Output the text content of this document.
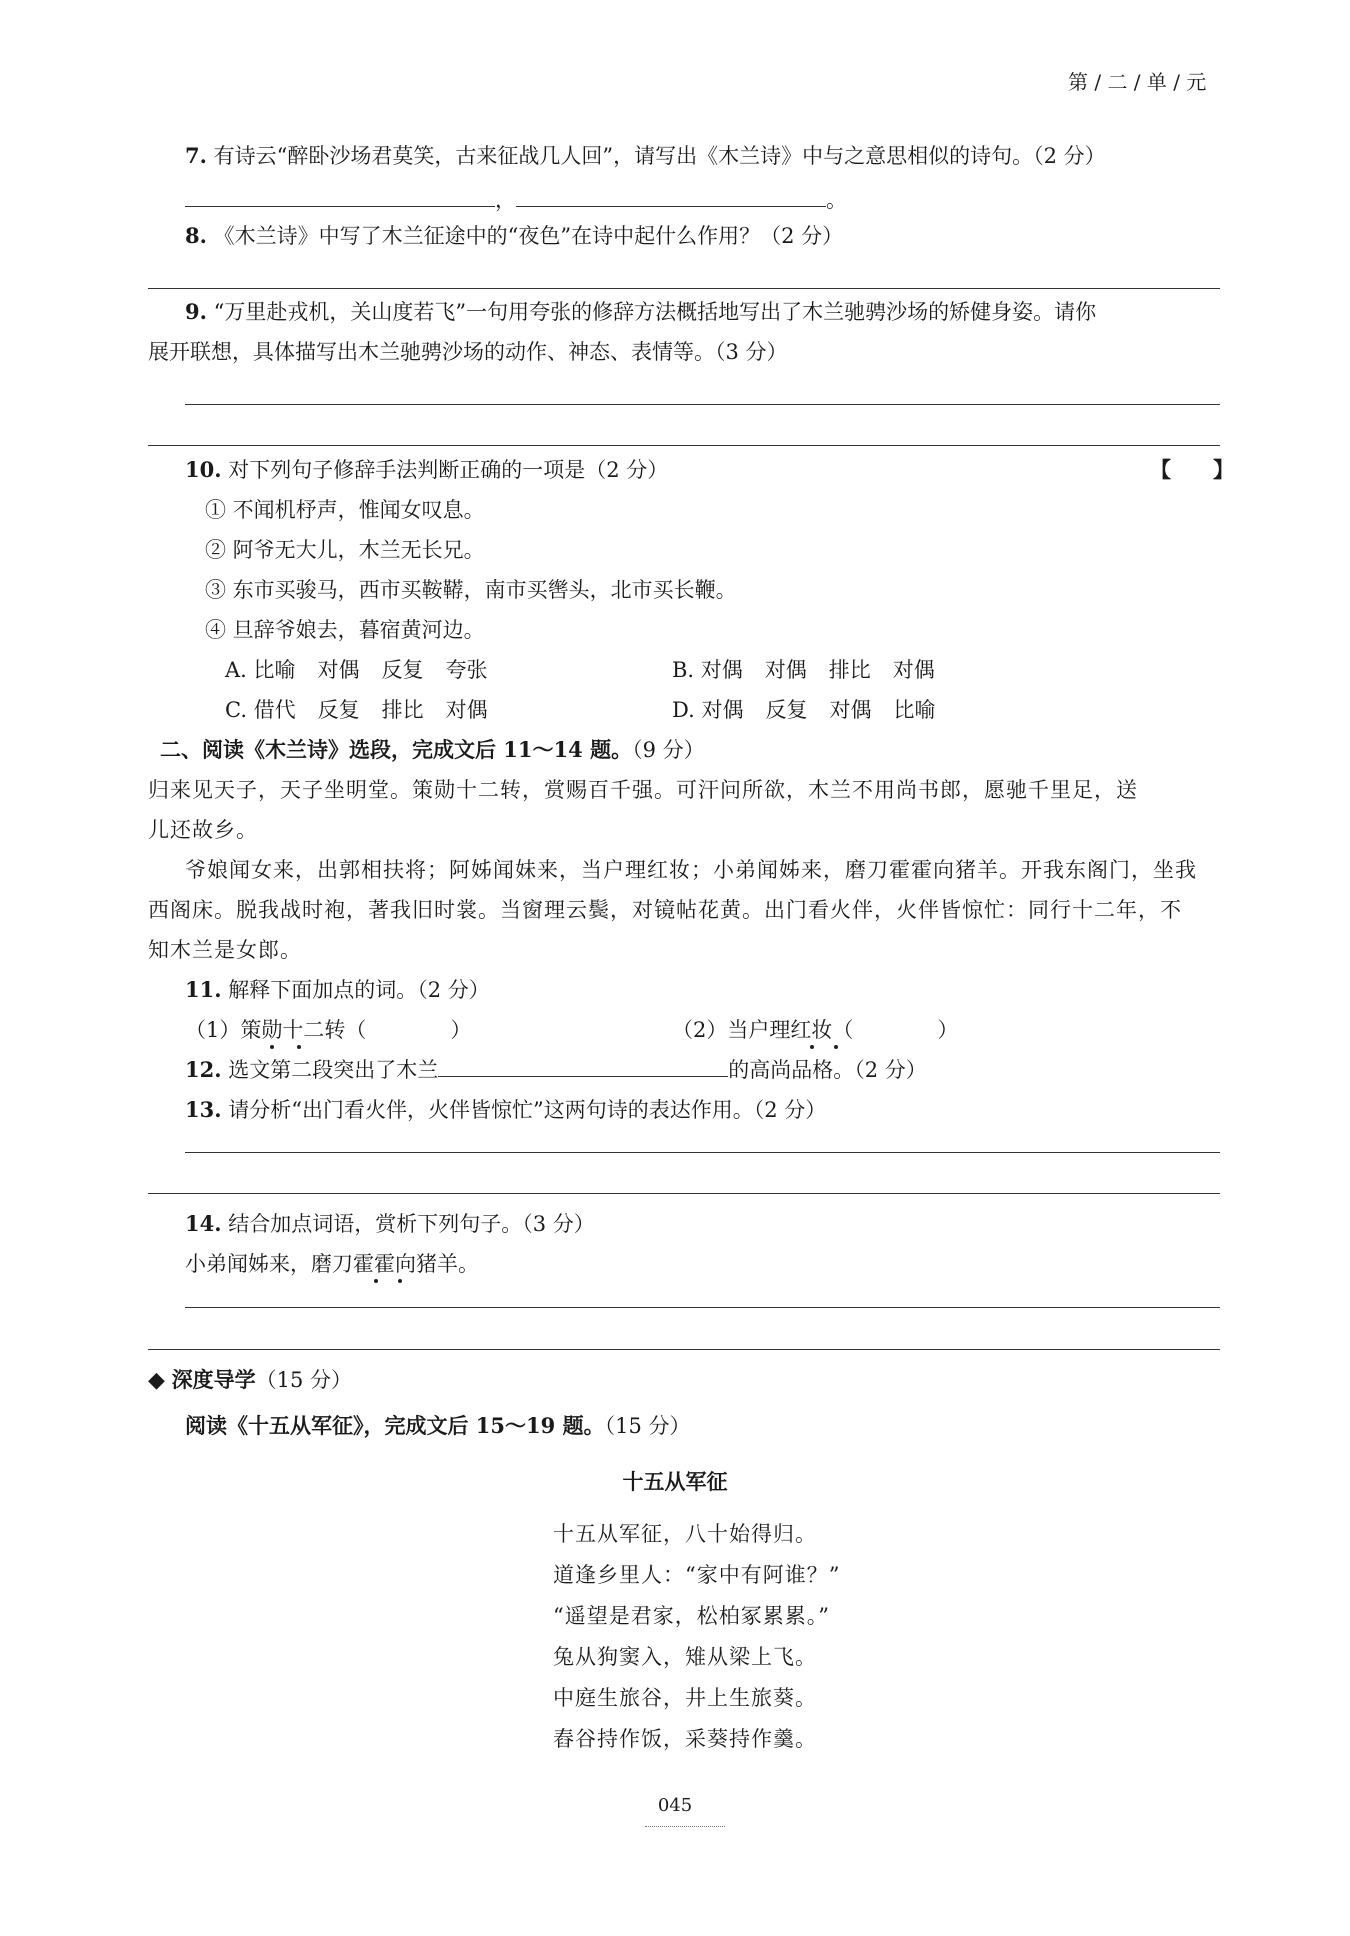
第 / 二 / 单 / 元
7. 有诗云“醉卧沙场君莫笑，古来征战几人回”，请写出《木兰诗》中与之意思相似的诗句。（2 分）
，	。
8. 《木兰诗》中写了木兰征途中的“夜色”在诗中起什么作用？（2 分）
9. “万里赴戎机，关山度若飞”一句用夸张的修辞方法概括地写出了木兰驰骋沙场的矫健身姿。请你
展开联想，具体描写出木兰驰骋沙场的动作、神态、表情等。（3 分）
10. 对下列句子修辞手法判断正确的一项是（2 分）	【　　】
① 不闻机杼声，惟闻女叹息。
② 阿爷无大儿，木兰无长兄。
③ 东市买骏马，西市买鞍鞯，南市买辔头，北市买长鞭。
④ 旦辞爷娘去，暮宿黄河边。
A. 比喻 对偶 反复 夸张	B. 对偶 对偶 排比 对偶
C. 借代 反复 排比 对偶	D. 对偶 反复 对偶 比喻
二、阅读《木兰诗》选段，完成文后 11～14 题。（9 分）
归来见天子，天子坐明堂。策勋十二转，赏赐百千强。可汗问所欲，木兰不用尚书郎，愿驰千里足，送
儿还故乡。
爷娘闻女来，出郭相扶将；阿姊闻妹来，当户理红妆；小弟闻姊来，磨刀霍霍向猪羊。开我东阁门，坐我
西阁床。脱我战时袍，著我旧时裳。当窗理云鬓，对镜帖花黄。出门看火伴，火伴皆惊忙：同行十二年，不
知木兰是女郎。
11. 解释下面加点的词。（2 分）
（1）策勋十二转（　　　　）	（2）当户理红妆（　　　　）
12. 选文第二段突出了木兰	的高尚品格。（2 分）
13. 请分析“出门看火伴，火伴皆惊忙”这两句诗的表达作用。（2 分）
14. 结合加点词语，赏析下列句子。（3 分）
小弟闻姊来，磨刀霍霍向猪羊。
◆ 深度导学（15 分）
阅读《十五从军征》，完成文后 15～19 题。（15 分）
十五从军征
十五从军征，八十始得归。
道逢乡里人：“家中有阿谁？”
“遥望是君家，松柏冢累累。”
兔从狗窦入，雉从梁上飞。
中庭生旅谷，井上生旅葵。
舂谷持作饭，采葵持作羹。
045
